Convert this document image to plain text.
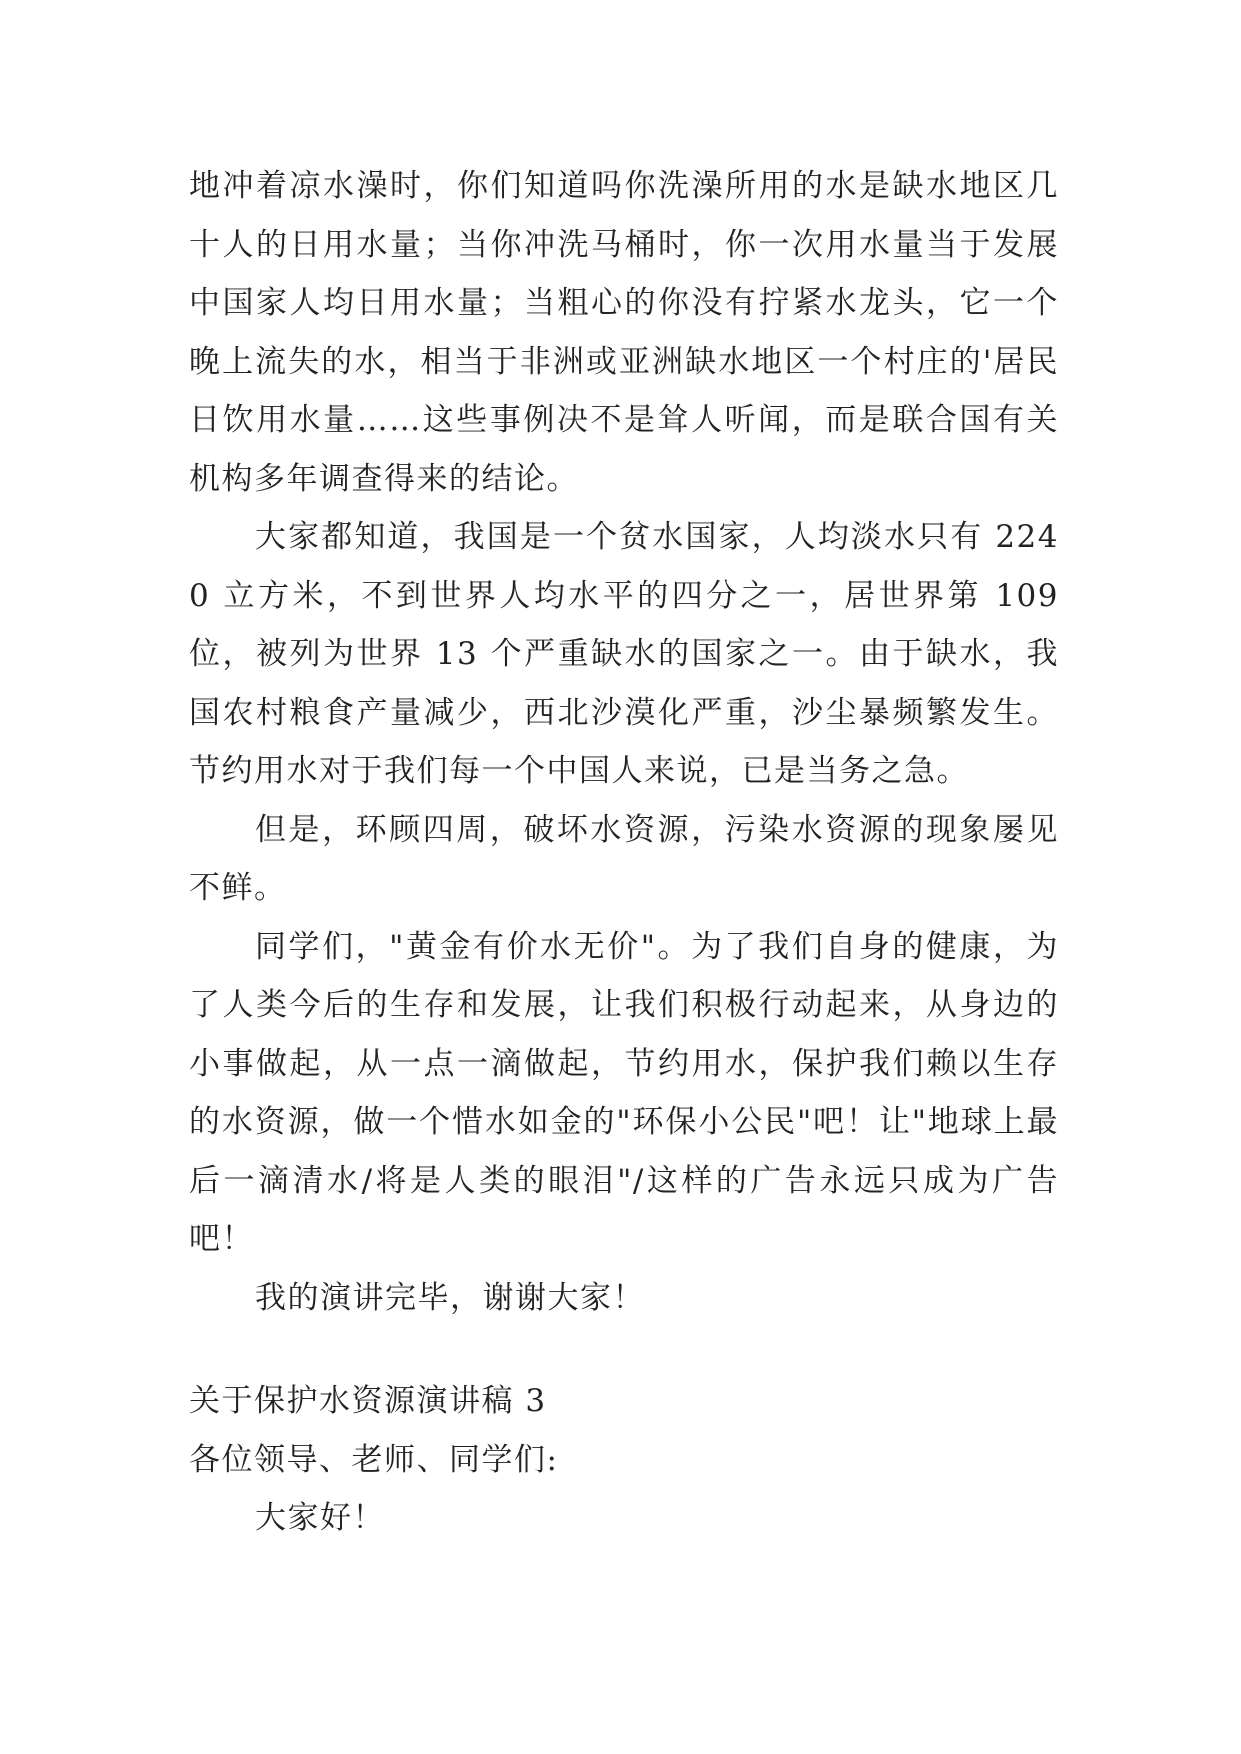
地冲着凉水澡时，你们知道吗你洗澡所用的水是缺水地区几十人的日用水量；当你冲洗马桶时，你一次用水量当于发展中国家人均日用水量；当粗心的你没有拧紧水龙头，它一个晚上流失的水，相当于非洲或亚洲缺水地区一个村庄的'居民日饮用水量……这些事例决不是耸人听闻，而是联合国有关机构多年调查得来的结论。

大家都知道，我国是一个贫水国家，人均淡水只有 2240 立方米，不到世界人均水平的四分之一，居世界第 109 位，被列为世界 13 个严重缺水的国家之一。由于缺水，我国农村粮食产量减少，西北沙漠化严重，沙尘暴频繁发生。节约用水对于我们每一个中国人来说，已是当务之急。

但是，环顾四周，破坏水资源，污染水资源的现象屡见不鲜。

同学们，"黄金有价水无价"。为了我们自身的健康，为了人类今后的生存和发展，让我们积极行动起来，从身边的小事做起，从一点一滴做起，节约用水，保护我们赖以生存的水资源，做一个惜水如金的"环保小公民"吧！让"地球上最后一滴清水/将是人类的眼泪"/这样的广告永远只成为广告吧！

我的演讲完毕，谢谢大家！

关于保护水资源演讲稿 3

各位领导、老师、同学们:

大家好！
